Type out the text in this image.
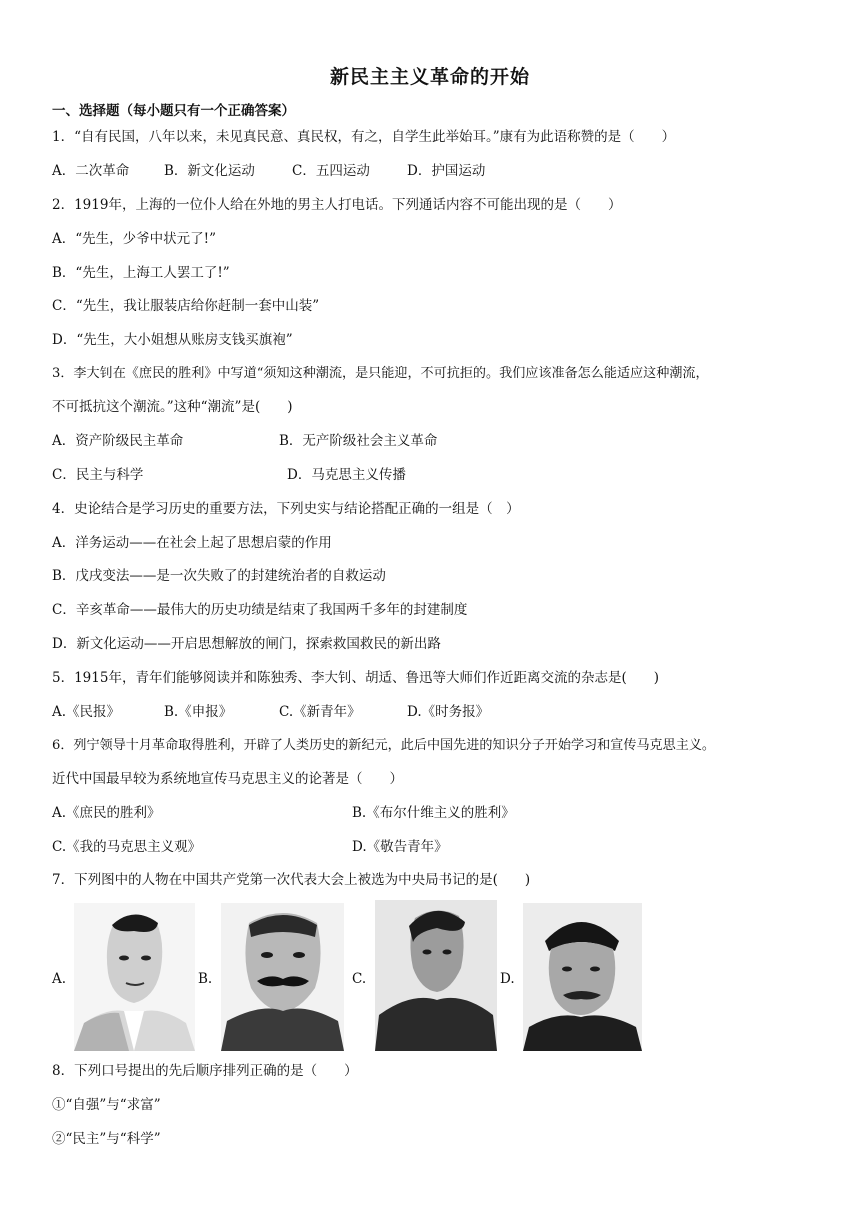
新民主主义革命的开始
一、选择题（每小题只有一个正确答案）
1．“自有民国，八年以来，未见真民意、真民权，有之，自学生此举始耳。”康有为此语称赞的是（　　）
A．二次革命	B．新文化运动	C．五四运动	D．护国运动
2．1919年，上海的一位仆人给在外地的男主人打电话。下列通话内容不可能出现的是（　　）
A．“先生，少爷中状元了!”
B．“先生，上海工人罢工了!”
C．“先生，我让服装店给你赶制一套中山装”
D．“先生，大小姐想从账房支钱买旗袍”
3．李大钊在《庶民的胜利》中写道“须知这种潮流，是只能迎，不可抗拒的。我们应该准备怎么能适应这种潮流，
不可抵抗这个潮流。”这种“潮流”是(　　)
A．资产阶级民主革命	B．无产阶级社会主义革命
C．民主与科学	D．马克思主义传播
4．史论结合是学习历史的重要方法，下列史实与结论搭配正确的一组是（　）
A．洋务运动——在社会上起了思想启蒙的作用
B．戊戌变法——是一次失败了的封建统治者的自救运动
C．辛亥革命——最伟大的历史功绩是结束了我国两千多年的封建制度
D．新文化运动——开启思想解放的闸门，探索救国救民的新出路
5．1915年，青年们能够阅读并和陈独秀、李大钊、胡适、鲁迅等大师们作近距离交流的杂志是(　　)
A.《民报》	B.《申报》	C.《新青年》	D.《时务报》
6．列宁领导十月革命取得胜利，开辟了人类历史的新纪元，此后中国先进的知识分子开始学习和宣传马克思主义。
近代中国最早较为系统地宣传马克思主义的论著是（　　）
A.《庶民的胜利》	B.《布尔什维主义的胜利》
C.《我的马克思主义观》	D.《敬告青年》
7．下列图中的人物在中国共产党第一次代表大会上被选为中央局书记的是(　　)
A.	B.	C.	D.
8．下列口号提出的先后顺序排列正确的是（　　）
①“自强”与“求富”
②“民主”与“科学”
